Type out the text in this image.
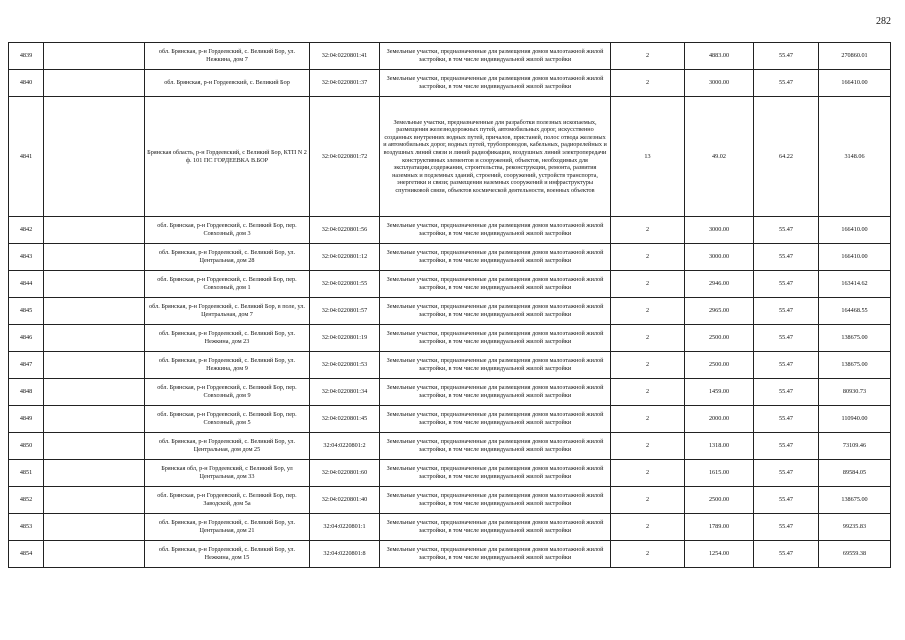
282
4839		обл. Брянская, р-н Гордеевский, с. Великий Бор, ул. Нежкина, дом 7	32:04:0220801:41	Земельные участки, предназначенные для размещения домов малоэтажной жилой застройки, в том числе индивидуальной жилой застройки	2	4883.00	55.47	270860.01
4840		обл. Брянская, р-н Гордеевский, с. Великий Бор	32:04:0220801:37	Земельные участки, предназначенные для размещения домов малоэтажной жилой застройки, в том числе индивидуальной жилой застройки	2	3000.00	55.47	166410.00
4841		Брянская область, р-н Гордеевский, с Великий Бор, КТП N 2 ф. 101 ПС ГОРДЕЕВКА В.БОР	32:04:0220801:72	Земельные участки, предназначенные для разработки полезных ископаемых, размещения железнодорожных путей, автомобильных дорог, искусственно созданных внутренних водных путей, причалов, пристаней, полос отвода железных и автомобильных дорог, водных путей, трубопроводов, кабельных, радиорелейных и воздушных линий связи и линий радиофикации, воздушных линий электропередачи конструктивных элементов и сооружений, объектов, необходимых для эксплуатации,содержания, строительства, реконструкции, ремонта, развития наземных и подземных зданий, строений, сооружений, устройств транспорта, энергетики и связи; размещения наземных сооружений и инфраструктуры спутниковой связи, объектов космической деятельности, военных объектов	13	49.02	64.22	3148.06
4842		обл. Брянская, р-н Гордеевский, с. Великий Бор, пер. Совхозный, дом 3	32:04:0220801:56	Земельные участки, предназначенные для размещения домов малоэтажной жилой застройки, в том числе индивидуальной жилой застройки	2	3000.00	55.47	166410.00
4843		обл. Брянская, р-н Гордеевский, с. Великий Бор, ул. Центральная, дом 28	32:04:0220801:12	Земельные участки, предназначенные для размещения домов малоэтажной жилой застройки, в том числе индивидуальной жилой застройки	2	3000.00	55.47	166410.00
4844		обл. Брянская, р-н Гордеевский, с. Великий Бор, пер. Совхозный, дом 1	32:04:0220801:55	Земельные участки, предназначенные для размещения домов малоэтажной жилой застройки, в том числе индивидуальной жилой застройки	2	2946.00	55.47	163414.62
4845		обл. Брянская, р-н Гордеевский, с. Великий Бор, в поле, ул. Центральная, дом 7	32:04:0220801:57	Земельные участки, предназначенные для размещения домов малоэтажной жилой застройки, в том числе индивидуальной жилой застройки	2	2965.00	55.47	164468.55
4846		обл. Брянская, р-н Гордеевский, с. Великий Бор, ул. Нежкина, дом 23	32:04:0220801:19	Земельные участки, предназначенные для размещения домов малоэтажной жилой застройки, в том числе индивидуальной жилой застройки	2	2500.00	55.47	138675.00
4847		обл. Брянская, р-н Гордеевский, с. Великий Бор, ул. Нежкина, дом 9	32:04:0220801:53	Земельные участки, предназначенные для размещения домов малоэтажной жилой застройки, в том числе индивидуальной жилой застройки	2	2500.00	55.47	138675.00
4848		обл. Брянская, р-н Гордеевский, с. Великий Бор, пер. Совхозный, дом 9	32:04:0220801:34	Земельные участки, предназначенные для размещения домов малоэтажной жилой застройки, в том числе индивидуальной жилой застройки	2	1459.00	55.47	80930.73
4849		обл. Брянская, р-н Гордеевский, с. Великий Бор, пер. Совхозный, дом 5	32:04:0220801:45	Земельные участки, предназначенные для размещения домов малоэтажной жилой застройки, в том числе индивидуальной жилой застройки	2	2000.00	55.47	110940.00
4850		обл. Брянская, р-н Гордеевский, с. Великий Бор, ул. Центральная, дом дом 25	32:04:0220801:2	Земельные участки, предназначенные для размещения домов малоэтажной жилой застройки, в том числе индивидуальной жилой застройки	2	1318.00	55.47	73109.46
4851		Брянская обл, р-н Гордеевский, с Великий Бор, ул Центральная, дом 33	32:04:0220801:60	Земельные участки, предназначенные для размещения домов малоэтажной жилой застройки, в том числе индивидуальной жилой застройки	2	1615.00	55.47	89584.05
4852		обл. Брянская, р-н Гордеевский, с. Великий Бор, пер. Заводской, дом 5а	32:04:0220801:40	Земельные участки, предназначенные для размещения домов малоэтажной жилой застройки, в том числе индивидуальной жилой застройки	2	2500.00	55.47	138675.00
4853		обл. Брянская, р-н Гордеевский, с. Великий Бор, ул. Центральная, дом 21	32:04:0220801:1	Земельные участки, предназначенные для размещения домов малоэтажной жилой застройки, в том числе индивидуальной жилой застройки	2	1789.00	55.47	99235.83
4854		обл. Брянская, р-н Гордеевский, с. Великий Бор, ул. Нежкина, дом 15	32:04:0220801:8	Земельные участки, предназначенные для размещения домов малоэтажной жилой застройки, в том числе индивидуальной жилой застройки	2	1254.00	55.47	69559.38
